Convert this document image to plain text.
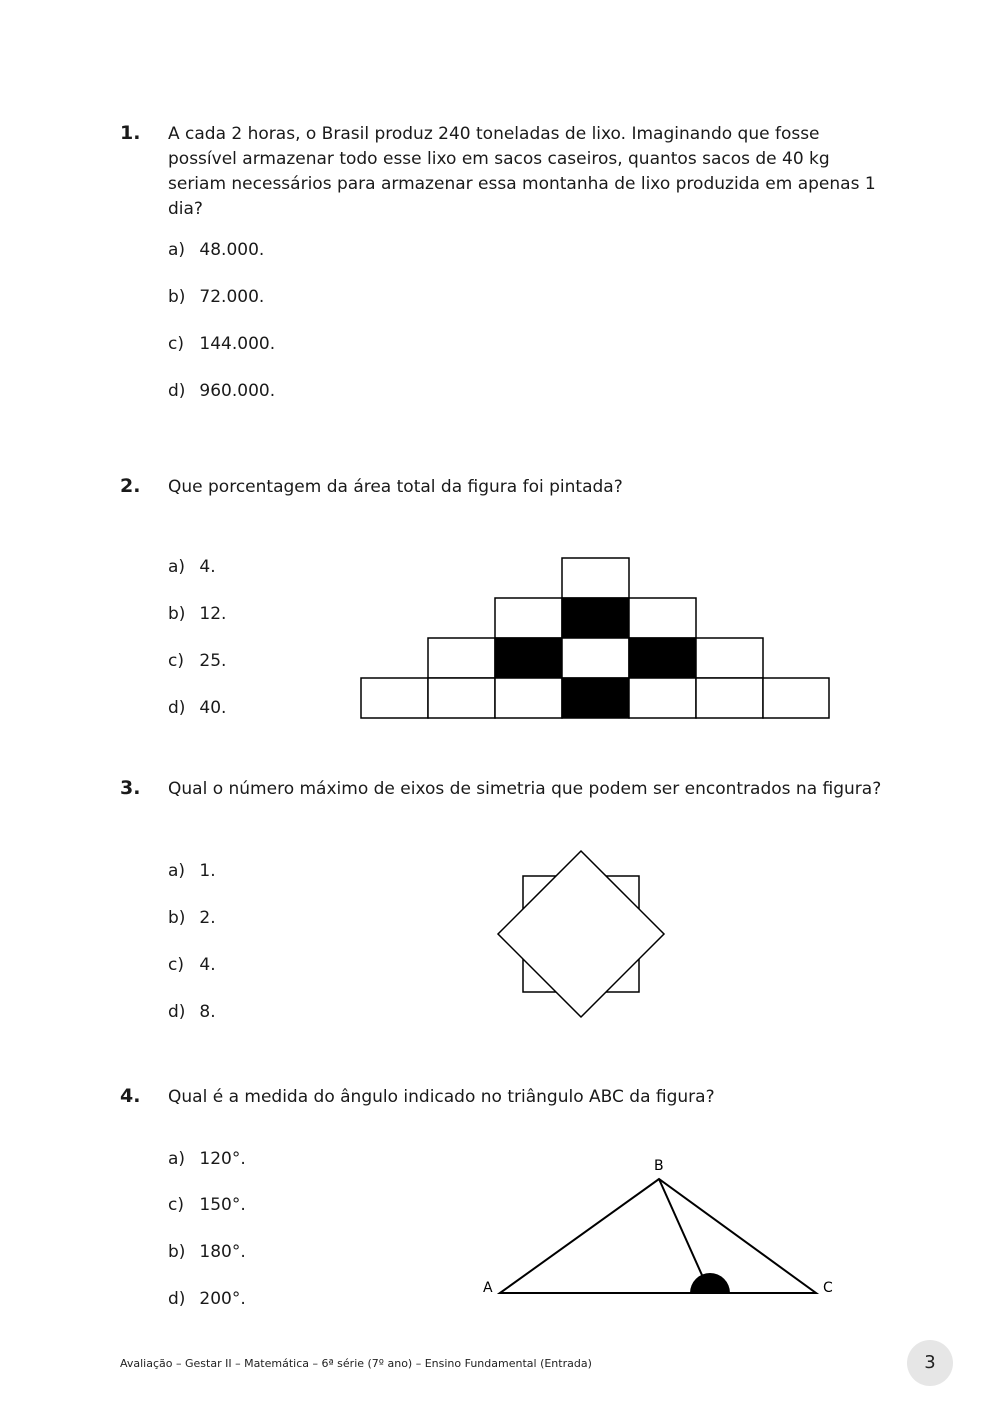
1. A cada 2 horas, o Brasil produz 240 toneladas de lixo. Imaginando que fosse possível armazenar todo esse lixo em sacos caseiros, quantos sacos de 40 kg seriam necessários para armazenar essa montanha de lixo produzida em apenas 1 dia?
a) 48.000.
b) 72.000.
c) 144.000.
d) 960.000.
2. Que porcentagem da área total da figura foi pintada?
a) 4.
b) 12.
c) 25.
d) 40.
3. Qual o número máximo de eixos de simetria que podem ser encontrados na figura?
a) 1.
b) 2.
c) 4.
d) 8.
4. Qual é a medida do ângulo indicado no triângulo ABC da figura?
a) 120°.
c) 150°.
b) 180°.
d) 200°.
B
A	C
Avaliação – Gestar II – Matemática – 6ª série (7º ano) – Ensino Fundamental (Entrada)	3
